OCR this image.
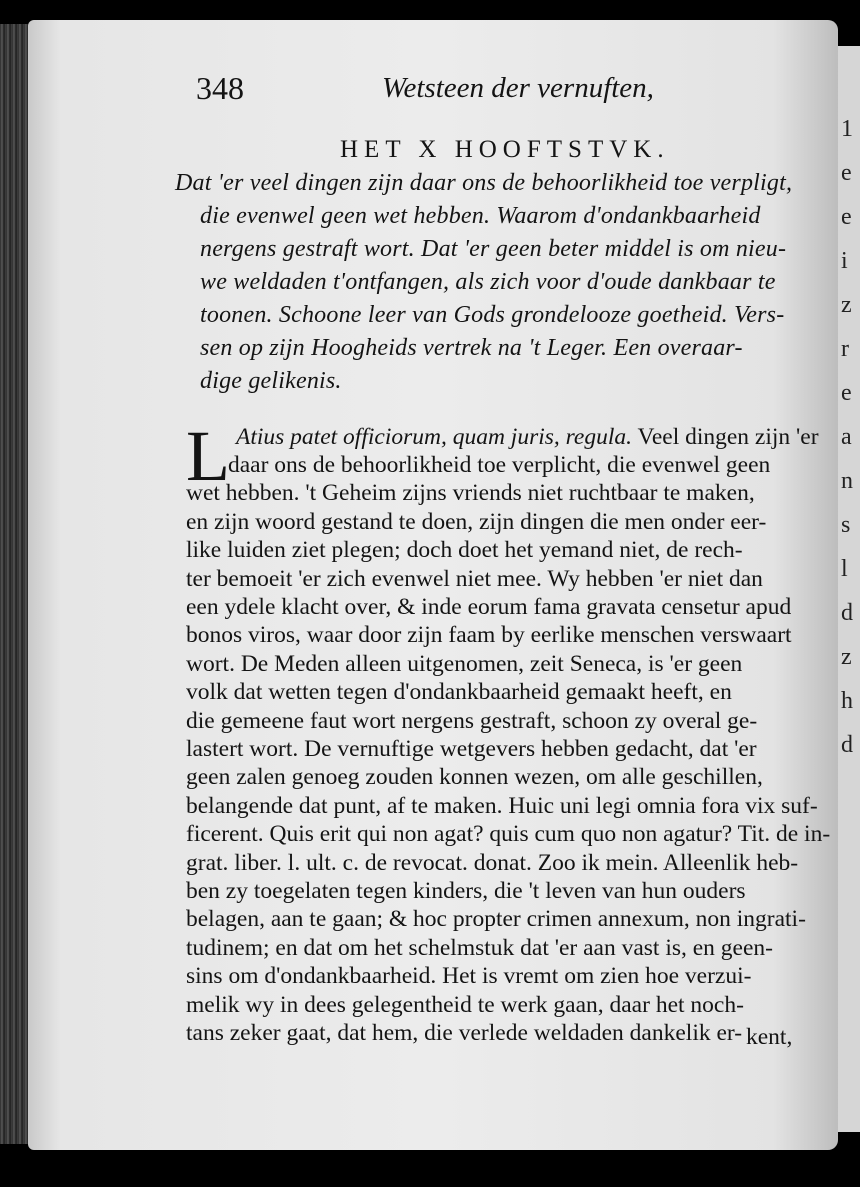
1
e
e
i
z
r
e
a
n
s
l
d
z
h
d
348	Wetsteen der vernuften,
HET X HOOFTSTVK.
Dat 'er veel dingen zijn daar ons de behoorlikheid toe verpligt,
die evenwel geen wet hebben. Waarom d'ondankbaarheid
nergens gestraft wort. Dat 'er geen beter middel is om nieu-
we weldaden t'ontfangen, als zich voor d'oude dankbaar te
toonen. Schoone leer van Gods grondelooze goetheid. Vers-
sen op zijn Hoogheids vertrek na 't Leger. Een overaar-
dige gelikenis.
L Atius patet officiorum, quam juris, regula. Veel dingen zijn 'er
daar ons de behoorlikheid toe verplicht, die evenwel geen
wet hebben. 't Geheim zijns vriends niet ruchtbaar te maken,
en zijn woord gestand te doen, zijn dingen die men onder eer-
like luiden ziet plegen; doch doet het yemand niet, de rech-
ter bemoeit 'er zich evenwel niet mee. Wy hebben 'er niet dan
een ydele klacht over, & inde eorum fama gravata censetur apud
bonos viros, waar door zijn faam by eerlike menschen verswaart
wort. De Meden alleen uitgenomen, zeit Seneca, is 'er geen
volk dat wetten tegen d'ondankbaarheid gemaakt heeft, en
die gemeene faut wort nergens gestraft, schoon zy overal ge-
lastert wort. De vernuftige wetgevers hebben gedacht, dat 'er
geen zalen genoeg zouden konnen wezen, om alle geschillen,
belangende dat punt, af te maken. Huic uni legi omnia fora vix suf-
ficerent. Quis erit qui non agat? quis cum quo non agatur? Tit. de in-
grat. liber. l. ult. c. de revocat. donat. Zoo ik mein. Alleenlik heb-
ben zy toegelaten tegen kinders, die 't leven van hun ouders
belagen, aan te gaan; & hoc propter crimen annexum, non ingrati-
tudinem; en dat om het schelmstuk dat 'er aan vast is, en geen-
sins om d'ondankbaarheid. Het is vremt om zien hoe verzui-
melik wy in dees gelegentheid te werk gaan, daar het noch-
tans zeker gaat, dat hem, die verlede weldaden dankelik er- kent,
